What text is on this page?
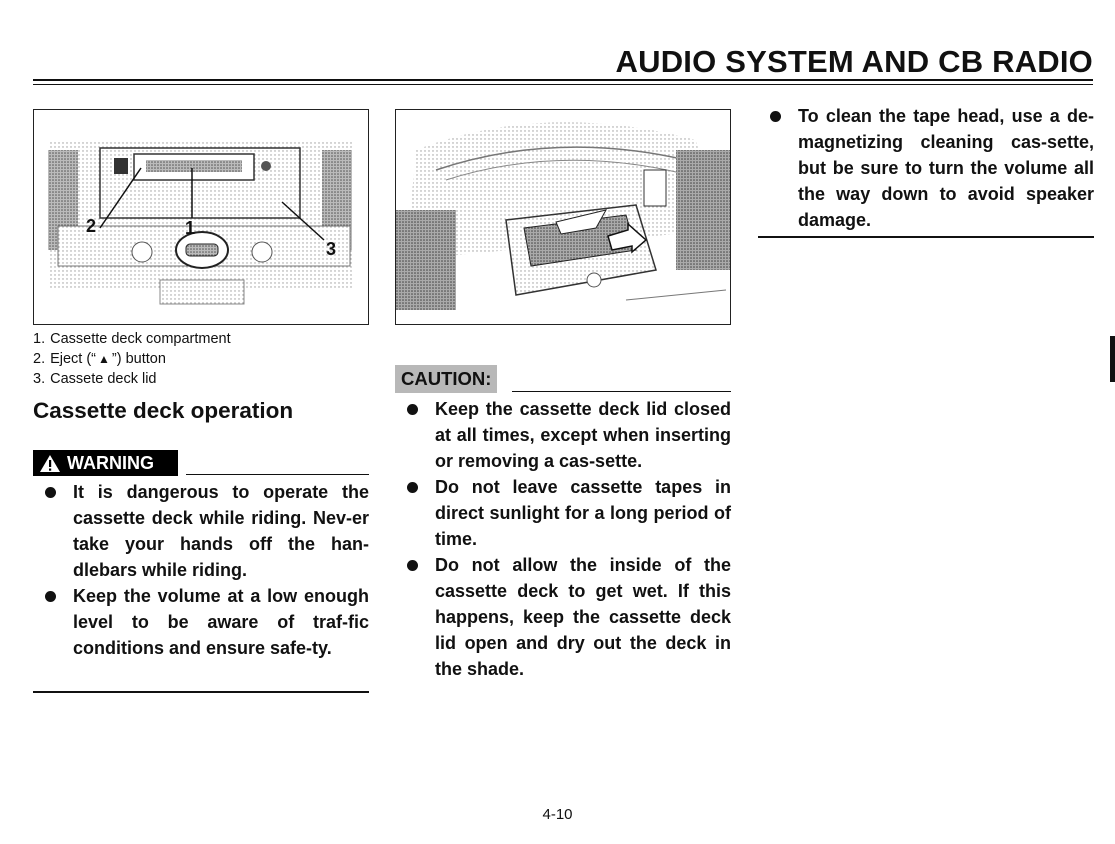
AUDIO SYSTEM AND CB RADIO
2	1
3
1. Cassette deck compartment
2. Eject (“ ▲ ”) button
3. Cassete deck lid
Cassette deck operation
WARNING
It is dangerous to operate the cassette deck while riding. Nev-er take your hands off the han-dlebars while riding.
Keep the volume at a low enough level to be aware of traf-fic conditions and ensure safe-ty.
CAUTION:
Keep the cassette deck lid closed at all times, except when inserting or removing a cas-sette.
Do not leave cassette tapes in direct sunlight for a long period of time.
Do not allow the inside of the cassette deck to get wet. If this happens, keep the cassette deck lid open and dry out the deck in the shade.
To clean the tape head, use a de-magnetizing cleaning cas-sette, but be sure to turn the volume all the way down to avoid speaker damage.
4-10
